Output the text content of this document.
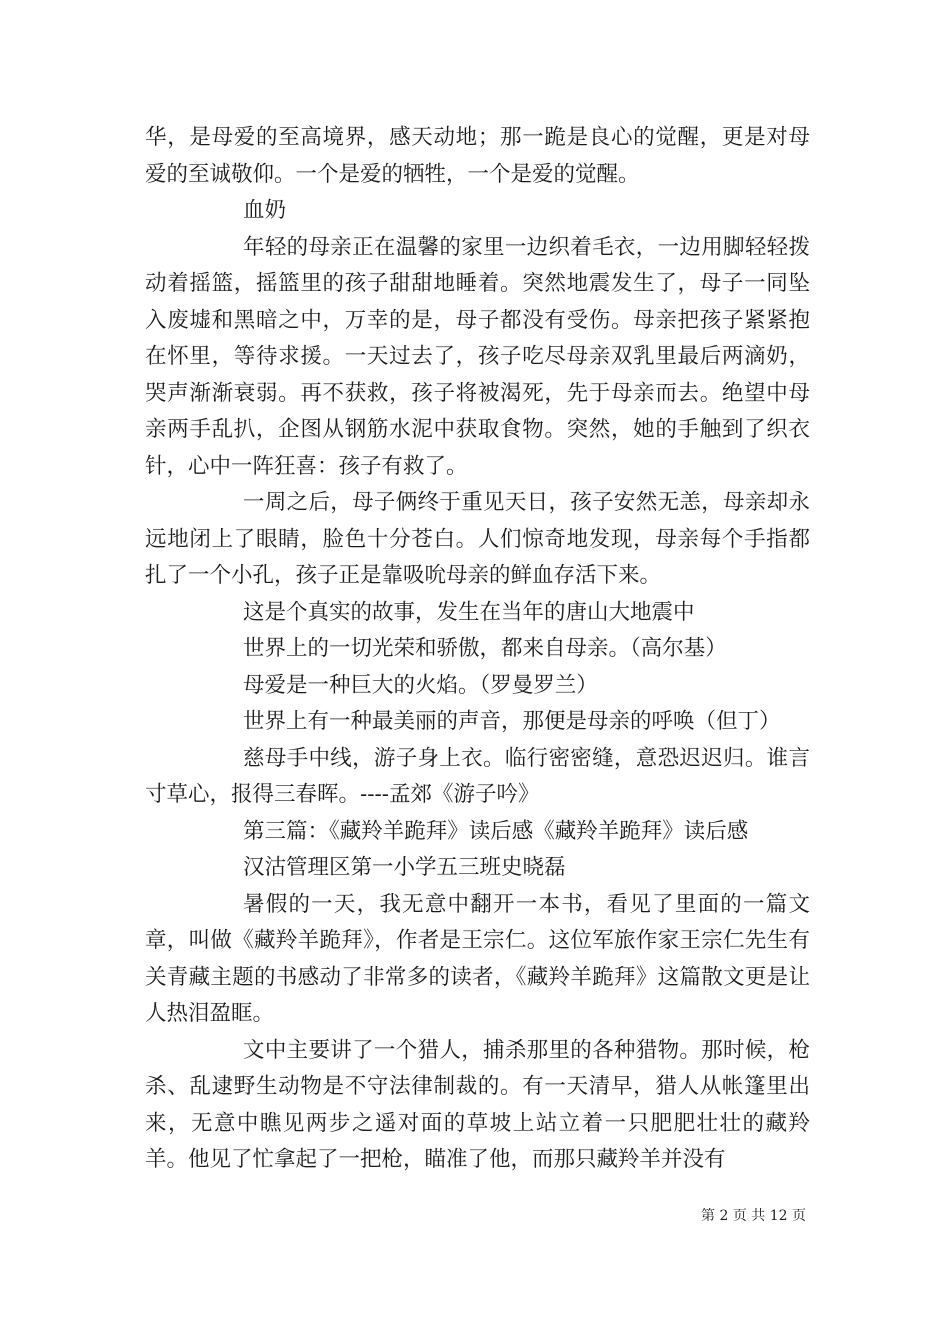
华，是母爱的至高境界，感天动地；那一跪是良心的觉醒，更是对母爱的至诚敬仰。一个是爱的牺牲，一个是爱的觉醒。

血奶

年轻的母亲正在温馨的家里一边织着毛衣，一边用脚轻轻拨动着摇篮，摇篮里的孩子甜甜地睡着。突然地震发生了，母子一同坠入废墟和黑暗之中，万幸的是，母子都没有受伤。母亲把孩子紧紧抱在怀里，等待求援。一天过去了，孩子吃尽母亲双乳里最后两滴奶，哭声渐渐衰弱。再不获救，孩子将被渴死，先于母亲而去。绝望中母亲两手乱扒，企图从钢筋水泥中获取食物。突然，她的手触到了织衣针，心中一阵狂喜：孩子有救了。

一周之后，母子俩终于重见天日，孩子安然无恙，母亲却永远地闭上了眼睛，脸色十分苍白。人们惊奇地发现，母亲每个手指都扎了一个小孔，孩子正是靠吸吮母亲的鲜血存活下来。

这是个真实的故事，发生在当年的唐山大地震中

世界上的一切光荣和骄傲，都来自母亲。（高尔基）

母爱是一种巨大的火焰。（罗曼罗兰）

世界上有一种最美丽的声音，那便是母亲的呼唤（但丁）

慈母手中线，游子身上衣。临行密密缝，意恐迟迟归。谁言寸草心，报得三春晖。----孟郊《游子吟》

第三篇：《藏羚羊跪拜》读后感《藏羚羊跪拜》读后感

汉沽管理区第一小学五三班史晓磊

暑假的一天，我无意中翻开一本书，看见了里面的一篇文章，叫做《藏羚羊跪拜》，作者是王宗仁。这位军旅作家王宗仁先生有关青藏主题的书感动了非常多的读者，《藏羚羊跪拜》这篇散文更是让人热泪盈眶。

文中主要讲了一个猎人，捕杀那里的各种猎物。那时候，枪杀、乱逮野生动物是不守法律制裁的。有一天清早，猎人从帐篷里出来，无意中瞧见两步之遥对面的草坡上站立着一只肥肥壮壮的藏羚羊。他见了忙拿起了一把枪，瞄准了他，而那只藏羚羊并没有

第 2 页 共 12 页
